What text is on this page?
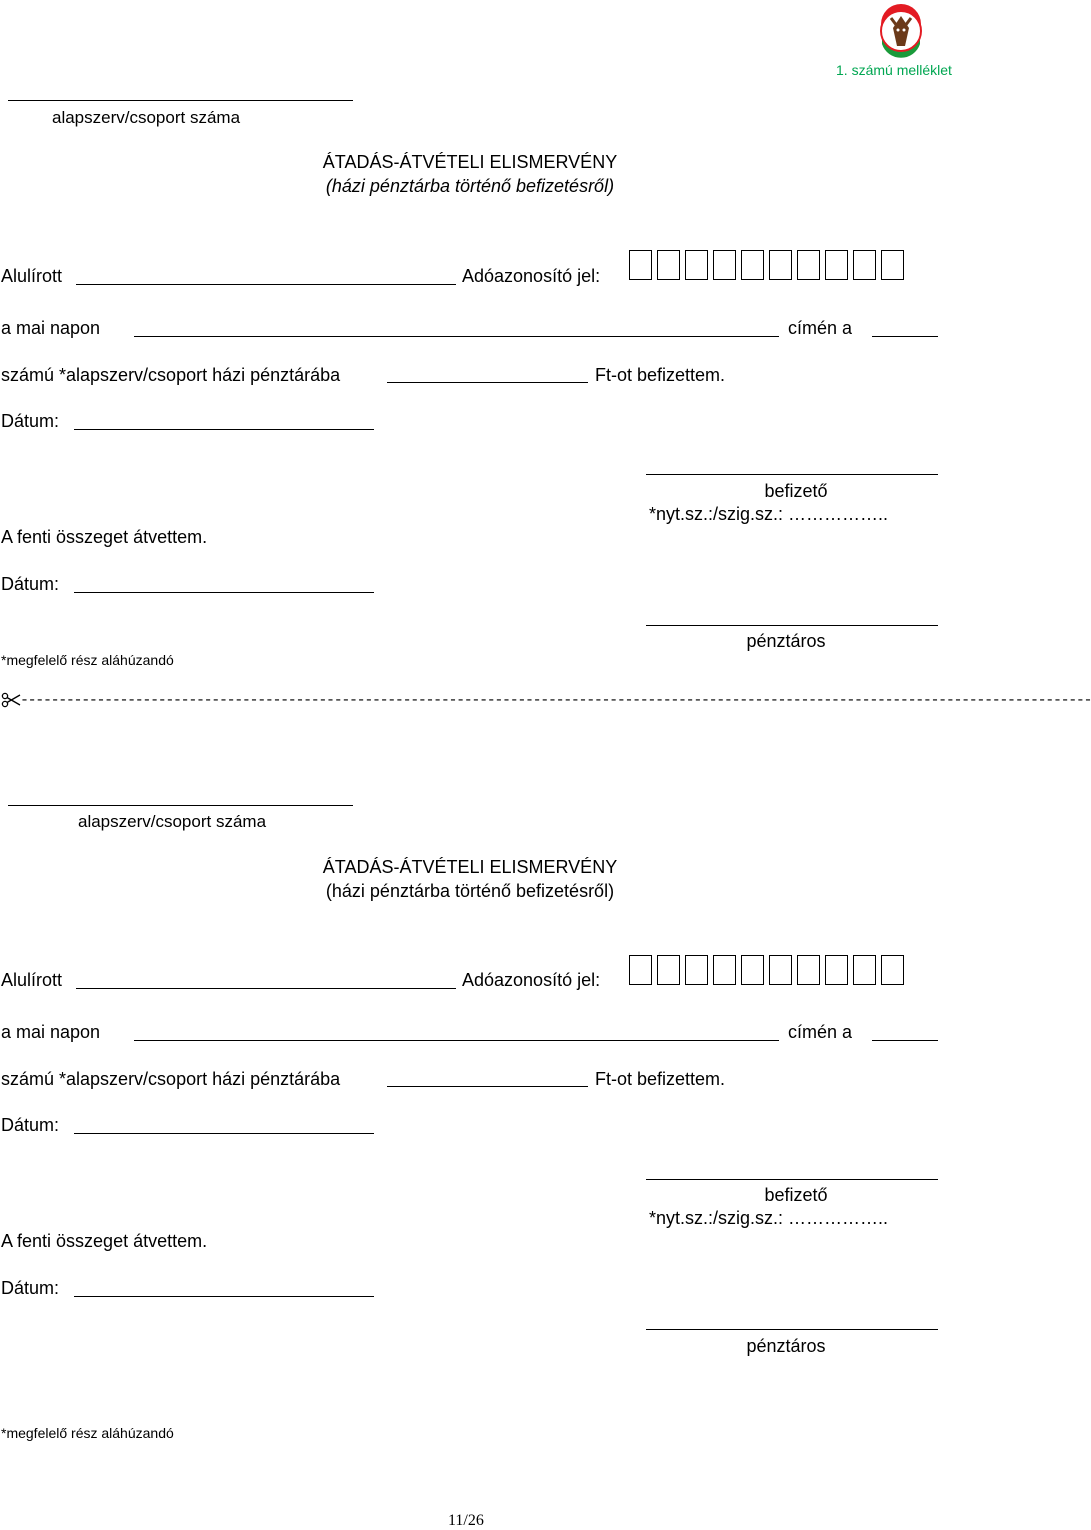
1. számú melléklet
alapszerv/csoport száma
ÁTADÁS-ÁTVÉTELI ELISMERVÉNY
(házi pénztárba történő befizetésről)
Alulírott	Adóazonosító jel:
a mai napon	címén a
számú *alapszerv/csoport házi pénztárába	Ft-ot befizettem.
Dátum:
befizető
*nyt.sz.:/szig.sz.: ……………..
A fenti összeget átvettem.
Dátum:
pénztáros
*megfelelő rész aláhúzandó
--------------------------------------------------------------------------------------------------------------------------------------------
alapszerv/csoport száma
ÁTADÁS-ÁTVÉTELI ELISMERVÉNY
(házi pénztárba történő befizetésről)
Alulírott	Adóazonosító jel:
a mai napon	címén a
számú *alapszerv/csoport házi pénztárába	Ft-ot befizettem.
Dátum:
befizető
*nyt.sz.:/szig.sz.: ……………..
A fenti összeget átvettem.
Dátum:
pénztáros
*megfelelő rész aláhúzandó
11/26
